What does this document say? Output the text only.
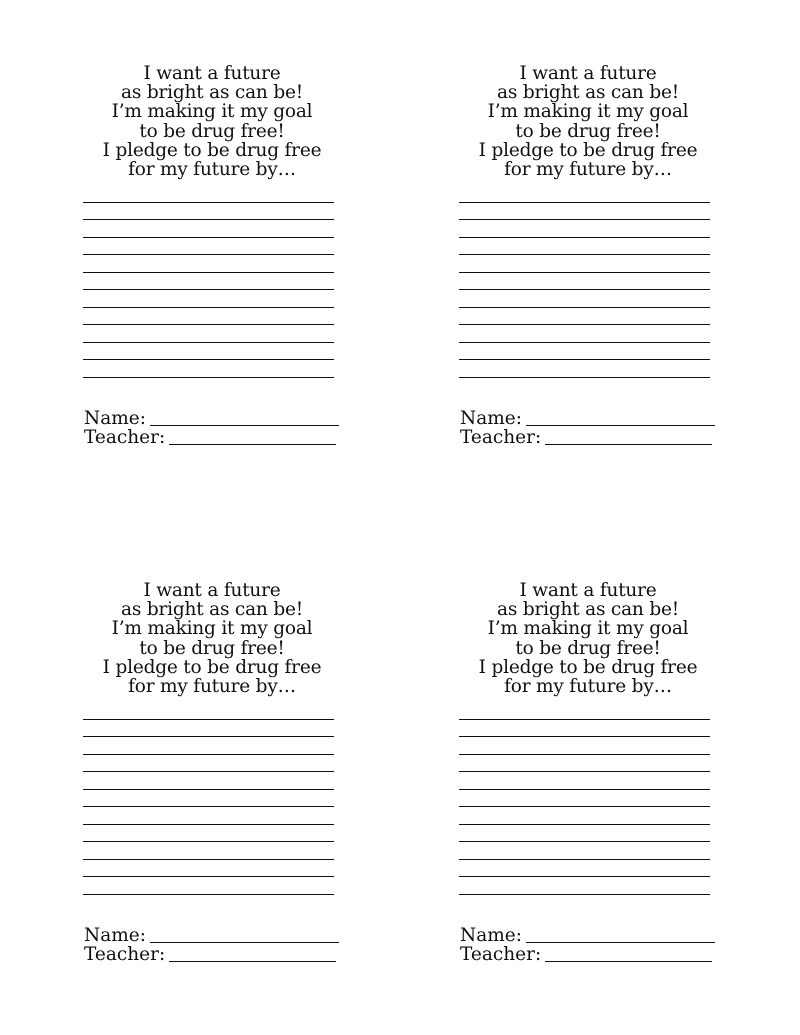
I want a future
as bright as can be!
I’m making it my goal
to be drug free!
I pledge to be drug free
for my future by…
Name:
Teacher:
I want a future
as bright as can be!
I’m making it my goal
to be drug free!
I pledge to be drug free
for my future by…
Name:
Teacher:
I want a future
as bright as can be!
I’m making it my goal
to be drug free!
I pledge to be drug free
for my future by…
Name:
Teacher:
I want a future
as bright as can be!
I’m making it my goal
to be drug free!
I pledge to be drug free
for my future by…
Name:
Teacher:
